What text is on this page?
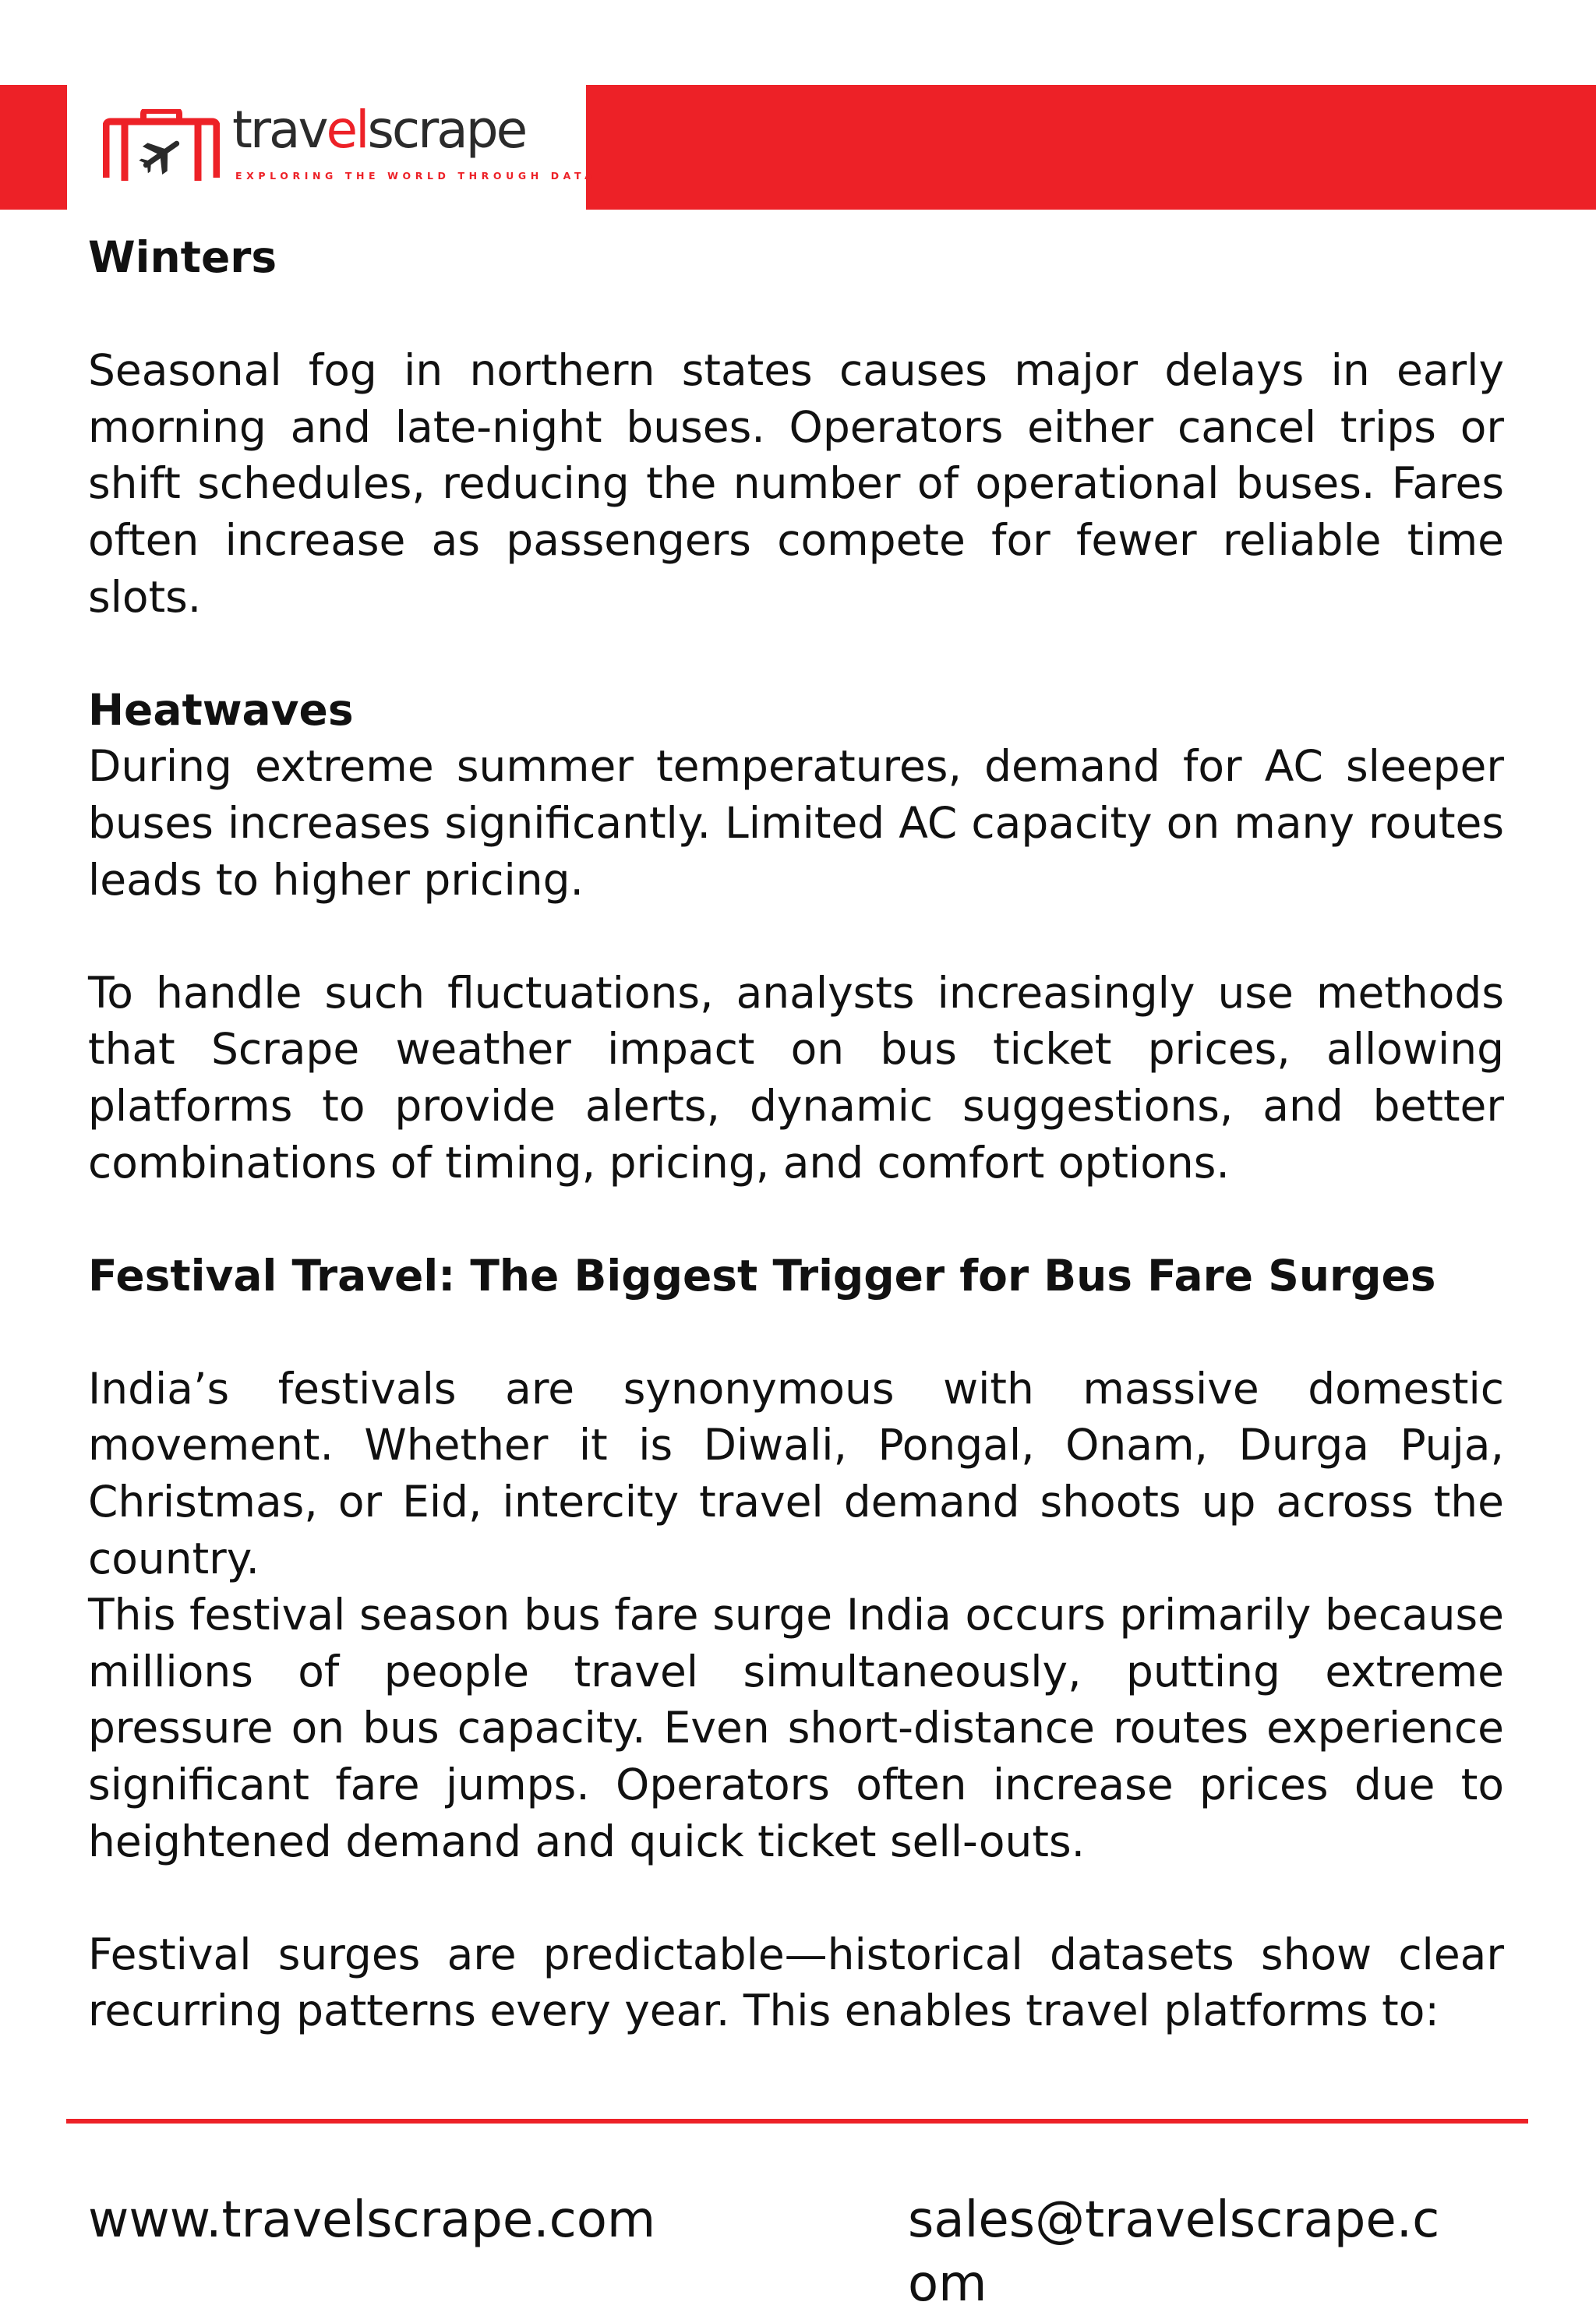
travelscrape
EXPLORING THE WORLD THROUGH DATA
Winters

Seasonal fog in northern states causes major delays in early morning and late-night buses. Operators either cancel trips or shift schedules, reducing the number of operational buses. Fares often increase as passengers compete for fewer reliable time slots.

Heatwaves

During extreme summer temperatures, demand for AC sleeper buses increases significantly. Limited AC capacity on many routes leads to higher pricing.

To handle such fluctuations, analysts increasingly use methods that Scrape weather impact on bus ticket prices, allowing platforms to provide alerts, dynamic suggestions, and better combinations of timing, pricing, and comfort options.

Festival Travel: The Biggest Trigger for Bus Fare Surges

India’s festivals are synonymous with massive domestic movement. Whether it is Diwali, Pongal, Onam, Durga Puja, Christmas, or Eid, intercity travel demand shoots up across the country.

This festival season bus fare surge India occurs primarily because millions of people travel simultaneously, putting extreme pressure on bus capacity. Even short-distance routes experience significant fare jumps. Operators often increase prices due to heightened demand and quick ticket sell-outs.

Festival surges are predictable—historical datasets show clear recurring patterns every year. This enables travel platforms to:

www.travelscrape.com	sales@travelscrape.com
